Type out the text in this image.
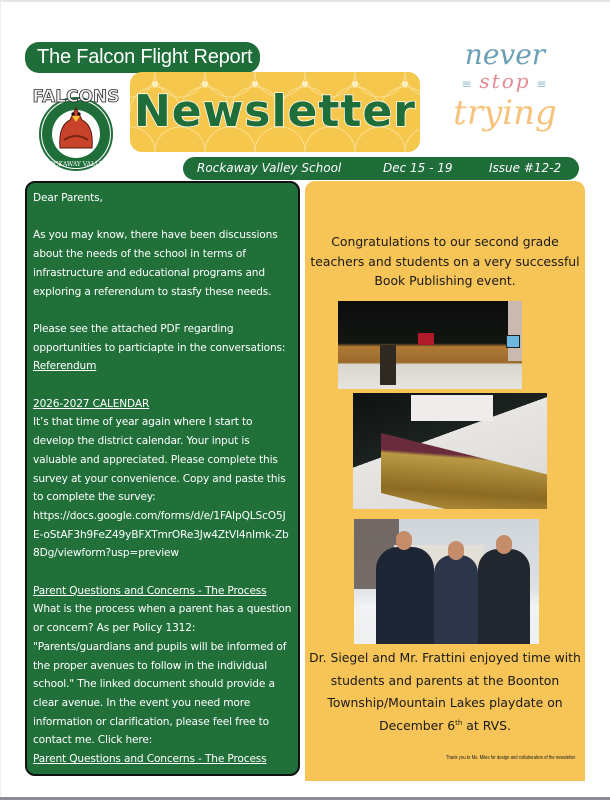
The Falcon Flight Report
FALCONS
ROCKAWAY VALLEY
Newsletter
never
≡ stop ≡
trying
Rockaway Valley School	Dec 15 - 19	Issue #12-2

Dear Parents,

As you may know, there have been discussions about the needs of the school in terms of infrastructure and educational programs and exploring a referendum to stasfy these needs.

Please see the attached PDF regarding opportunities to particiapte in the conversations:

Referendum

2026-2027 CALENDAR

It’s that time of year again where I start to develop the district calendar. Your input is valuable and appreciated. Please complete this survey at your convenience. Copy and paste this to complete the survey:

https://docs.google.com/forms/d/e/1FAIpQLScO5JE-oStAF3h9FeZ49yBFXTmrORe3Jw4ZtVl4nImk-Zb8Dg/viewform?usp=preview

Parent Questions and Concerns - The Process

What is the process when a parent has a question or concern? As per Policy 1312: "Parents/guardians and pupils will be informed of the proper avenues to follow in the individual school." The linked document should provide a clear avenue. In the event you need more information or clarification, please feel free to contact me. Click here:

Parent Questions and Concerns - The Process

Congratulations to our second grade teachers and students on a very successful Book Publishing event.
Dr. Siegel and Mr. Frattini enjoyed time with students and parents at the Boonton Township/Mountain Lakes playdate on December 6th at RVS.
Thank you to Ms. Miles for design and collaboration of the newsletter
